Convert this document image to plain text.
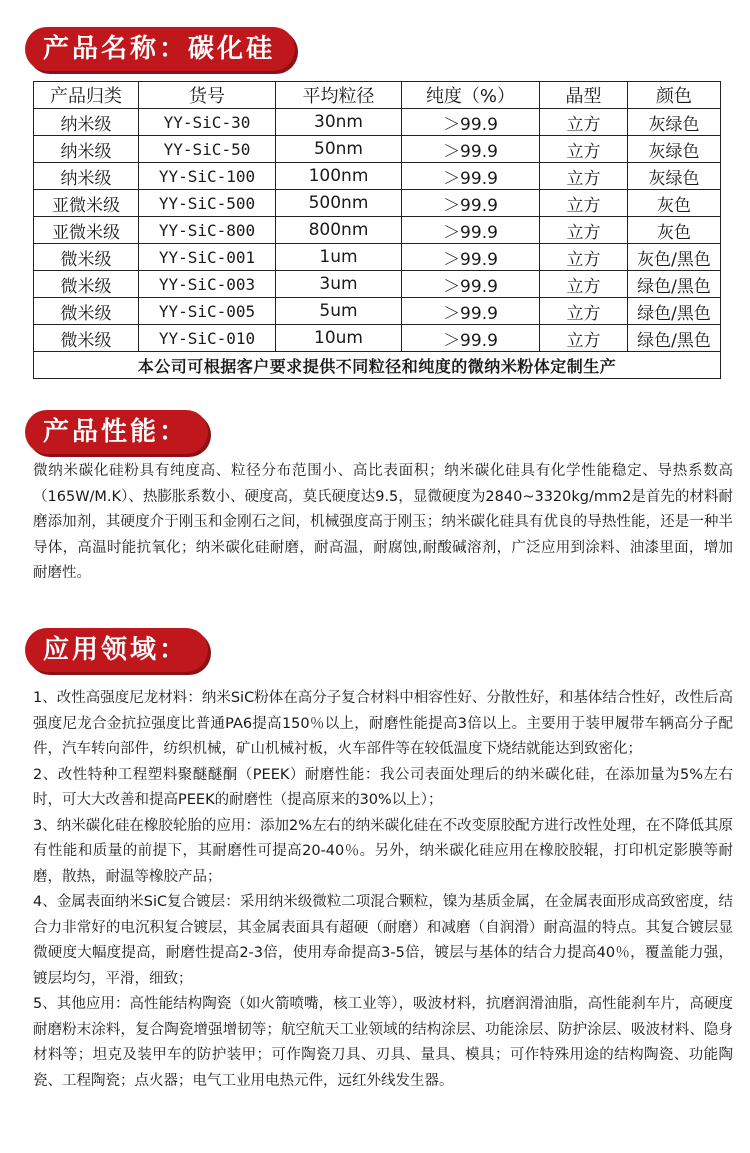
产品名称：碳化硅
产品归类	货号	平均粒径	纯度（%）	晶型	颜色
纳米级	YY-SiC-30	30nm	＞99.9	立方	灰绿色
纳米级	YY-SiC-50	50nm	＞99.9	立方	灰绿色
纳米级	YY-SiC-100	100nm	＞99.9	立方	灰绿色
亚微米级	YY-SiC-500	500nm	＞99.9	立方	灰色
亚微米级	YY-SiC-800	800nm	＞99.9	立方	灰色
微米级	YY-SiC-001	1um	＞99.9	立方	灰色/黑色
微米级	YY-SiC-003	3um	＞99.9	立方	绿色/黑色
微米级	YY-SiC-005	5um	＞99.9	立方	绿色/黑色
微米级	YY-SiC-010	10um	＞99.9	立方	绿色/黑色
本公司可根据客户要求提供不同粒径和纯度的微纳米粉体定制生产					
产品性能：
微纳米碳化硅粉具有纯度高、粒径分布范围小、高比表面积；纳米碳化硅具有化学性能稳定、导热系数高（165W/M.K）、热膨胀系数小、硬度高，莫氏硬度达9.5，显微硬度为2840~3320kg/mm2是首先的材料耐磨添加剂，其硬度介于刚玉和金刚石之间，机械强度高于刚玉；纳米碳化硅具有优良的导热性能，还是一种半导体，高温时能抗氧化；纳米碳化硅耐磨，耐高温，耐腐蚀,耐酸碱溶剂，广泛应用到涂料、油漆里面，增加耐磨性。
应用领域：

1、改性高强度尼龙材料：纳米SiC粉体在高分子复合材料中相容性好、分散性好，和基体结合性好，改性后高强度尼龙合金抗拉强度比普通PA6提高150％以上，耐磨性能提高3倍以上。主要用于装甲履带车辆高分子配件，汽车转向部件，纺织机械，矿山机械衬板，火车部件等在较低温度下烧结就能达到致密化；

2、改性特种工程塑料聚醚醚酮（PEEK）耐磨性能：我公司表面处理后的纳米碳化硅，在添加量为5%左右时，可大大改善和提高PEEK的耐磨性（提高原来的30%以上）；

3、纳米碳化硅在橡胶轮胎的应用：添加2%左右的纳米碳化硅在不改变原胶配方进行改性处理，在不降低其原有性能和质量的前提下，其耐磨性可提高20-40％。另外，纳米碳化硅应用在橡胶胶辊，打印机定影膜等耐磨，散热，耐温等橡胶产品；

4、金属表面纳米SiC复合镀层：采用纳米级微粒二项混合颗粒，镍为基质金属，在金属表面形成高致密度，结合力非常好的电沉积复合镀层，其金属表面具有超硬（耐磨）和减磨（自润滑）耐高温的特点。其复合镀层显微硬度大幅度提高，耐磨性提高2-3倍，使用寿命提高3-5倍，镀层与基体的结合力提高40％，覆盖能力强，镀层均匀，平滑，细致；

5、其他应用：高性能结构陶瓷（如火箭喷嘴，核工业等），吸波材料，抗磨润滑油脂，高性能刹车片，高硬度耐磨粉末涂料，复合陶瓷增强增韧等；航空航天工业领域的结构涂层、功能涂层、防护涂层、吸波材料、隐身材料等；坦克及装甲车的防护装甲；可作陶瓷刀具、刃具、量具、模具；可作特殊用途的结构陶瓷、功能陶瓷、工程陶瓷；点火器；电气工业用电热元件，远红外线发生器。
